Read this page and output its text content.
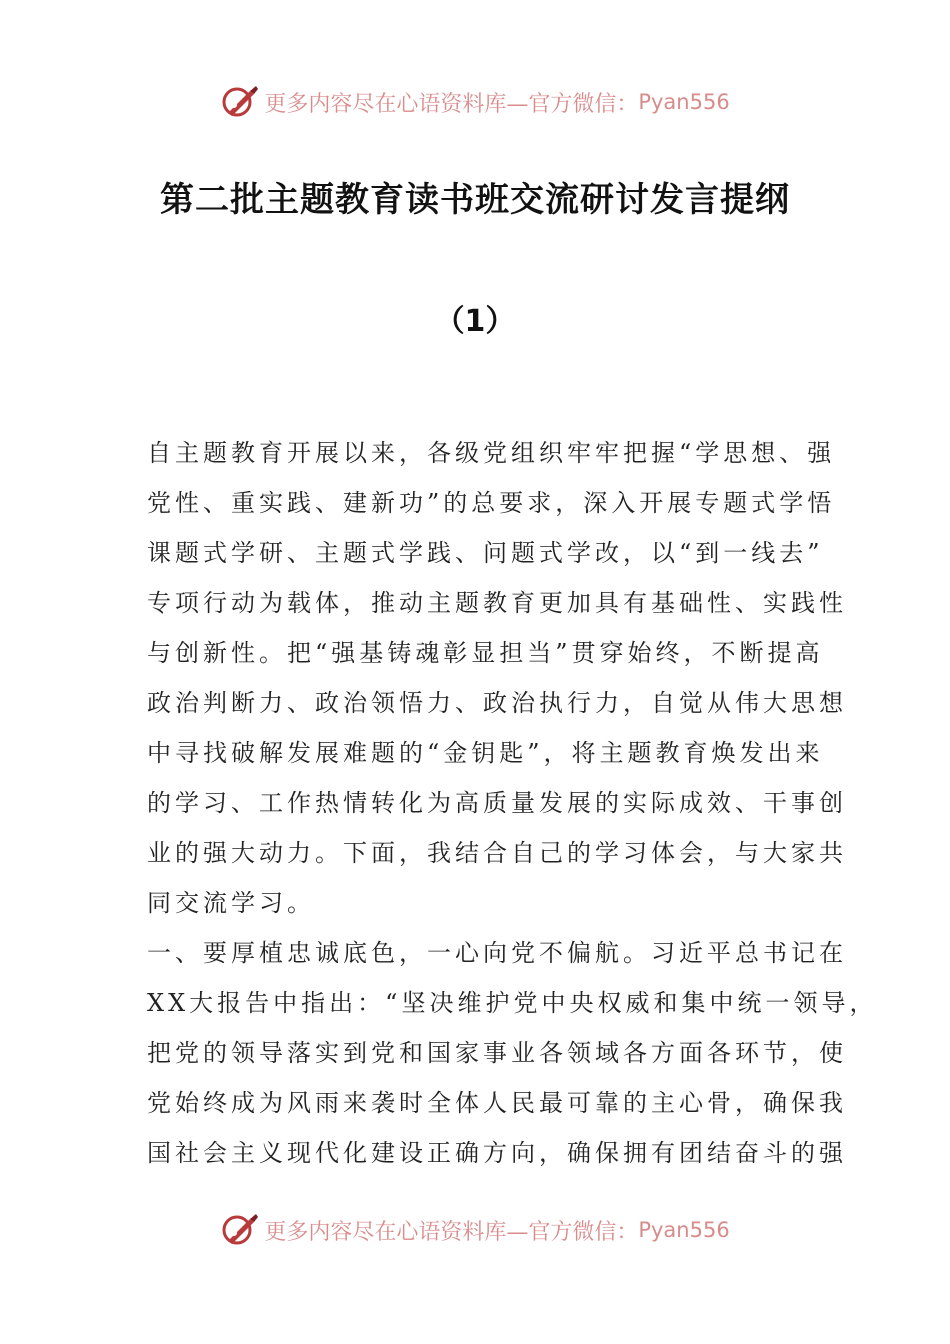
更多内容尽在心语资料库—官方微信： Pyan556
第二批主题教育读书班交流研讨发言提纲
（1）
自主题教育开展以来，各级党组织牢牢把握“学思想、强
党性、重实践、建新功”的总要求，深入开展专题式学悟
课题式学研、主题式学践、问题式学改，以“到一线去”
专项行动为载体，推动主题教育更加具有基础性、实践性
与创新性。把“强基铸魂彰显担当”贯穿始终，不断提高
政治判断力、政治领悟力、政治执行力，自觉从伟大思想
中寻找破解发展难题的“金钥匙”，将主题教育焕发出来
的学习、工作热情转化为高质量发展的实际成效、干事创
业的强大动力。下面，我结合自己的学习体会，与大家共
同交流学习。
一、要厚植忠诚底色，一心向党不偏航。习近平总书记在
XX大报告中指出：“坚决维护党中央权威和集中统一领导，
把党的领导落实到党和国家事业各领域各方面各环节，使
党始终成为风雨来袭时全体人民最可靠的主心骨，确保我
国社会主义现代化建设正确方向，确保拥有团结奋斗的强
更多内容尽在心语资料库—官方微信： Pyan556
